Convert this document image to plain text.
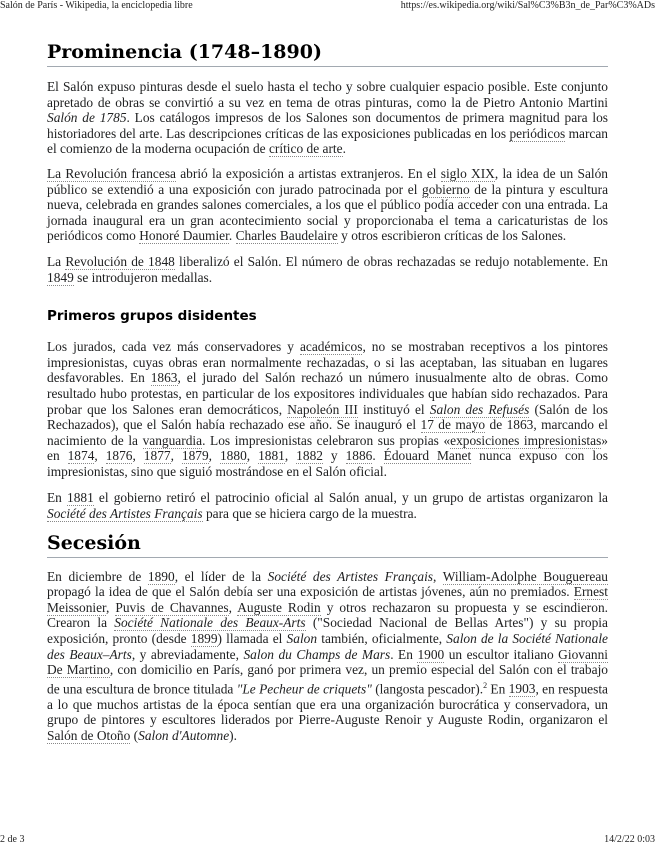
Salón de París - Wikipedia, la enciclopedia libre	https://es.wikipedia.org/wiki/Sal%C3%B3n_de_Par%C3%ADs
Prominencia (1748–1890)

El Salón expuso pinturas desde el suelo hasta el techo y sobre cualquier espacio posible. Este conjunto apretado de obras se convirtió a su vez en tema de otras pinturas, como la de Pietro Antonio Martini Salón de 1785. Los catálogos impresos de los Salones son documentos de primera magnitud para los historiadores del arte. Las descripciones críticas de las exposiciones publicadas en los periódicos marcan el comienzo de la moderna ocupación de crítico de arte.

La Revolución francesa abrió la exposición a artistas extranjeros. En el siglo XIX, la idea de un Salón público se extendió a una exposición con jurado patrocinada por el gobierno de la pintura y escultura nueva, celebrada en grandes salones comerciales, a los que el público podía acceder con una entrada. La jornada inaugural era un gran acontecimiento social y proporcionaba el tema a caricaturistas de los periódicos como Honoré Daumier. Charles Baudelaire y otros escribieron críticas de los Salones.

La Revolución de 1848 liberalizó el Salón. El número de obras rechazadas se redujo notablemente. En 1849 se introdujeron medallas.

Primeros grupos disidentes

Los jurados, cada vez más conservadores y académicos, no se mostraban receptivos a los pintores impresionistas, cuyas obras eran normalmente rechazadas, o si las aceptaban, las situaban en lugares desfavorables. En 1863, el jurado del Salón rechazó un número inusualmente alto de obras. Como resultado hubo protestas, en particular de los expositores individuales que habían sido rechazados. Para probar que los Salones eran democráticos, Napoleón III instituyó el Salon des Refusés (Salón de los Rechazados), que el Salón había rechazado ese año. Se inauguró el 17 de mayo de 1863, marcando el nacimiento de la vanguardia. Los impresionistas celebraron sus propias «exposiciones impresionistas» en 1874, 1876, 1877, 1879, 1880, 1881, 1882 y 1886. Édouard Manet nunca expuso con los impresionistas, sino que siguió mostrándose en el Salón oficial.

En 1881 el gobierno retiró el patrocinio oficial al Salón anual, y un grupo de artistas organizaron la Société des Artistes Français para que se hiciera cargo de la muestra.

Secesión

En diciembre de 1890, el líder de la Société des Artistes Français, William-Adolphe Bouguereau propagó la idea de que el Salón debía ser una exposición de artistas jóvenes, aún no premiados. Ernest Meissonier, Puvis de Chavannes, Auguste Rodin y otros rechazaron su propuesta y se escindieron. Crearon la Société Nationale des Beaux-Arts ("Sociedad Nacional de Bellas Artes") y su propia exposición, pronto (desde 1899) llamada el Salon también, oficialmente, Salon de la Société Nationale des Beaux–Arts, y abreviadamente, Salon du Champs de Mars. En 1900 un escultor italiano Giovanni De Martino, con domicilio en París, ganó por primera vez, un premio especial del Salón con el trabajo de una escultura de bronce titulada "Le Pecheur de criquets" (langosta pescador).$^2$ En 1903, en respuesta a lo que muchos artistas de la época sentían que era una organización burocrática y conservadora, un grupo de pintores y escultores liderados por Pierre-Auguste Renoir y Auguste Rodin, organizaron el Salón de Otoño (Salon d'Automne).

2 de 3	14/2/22 0:03
